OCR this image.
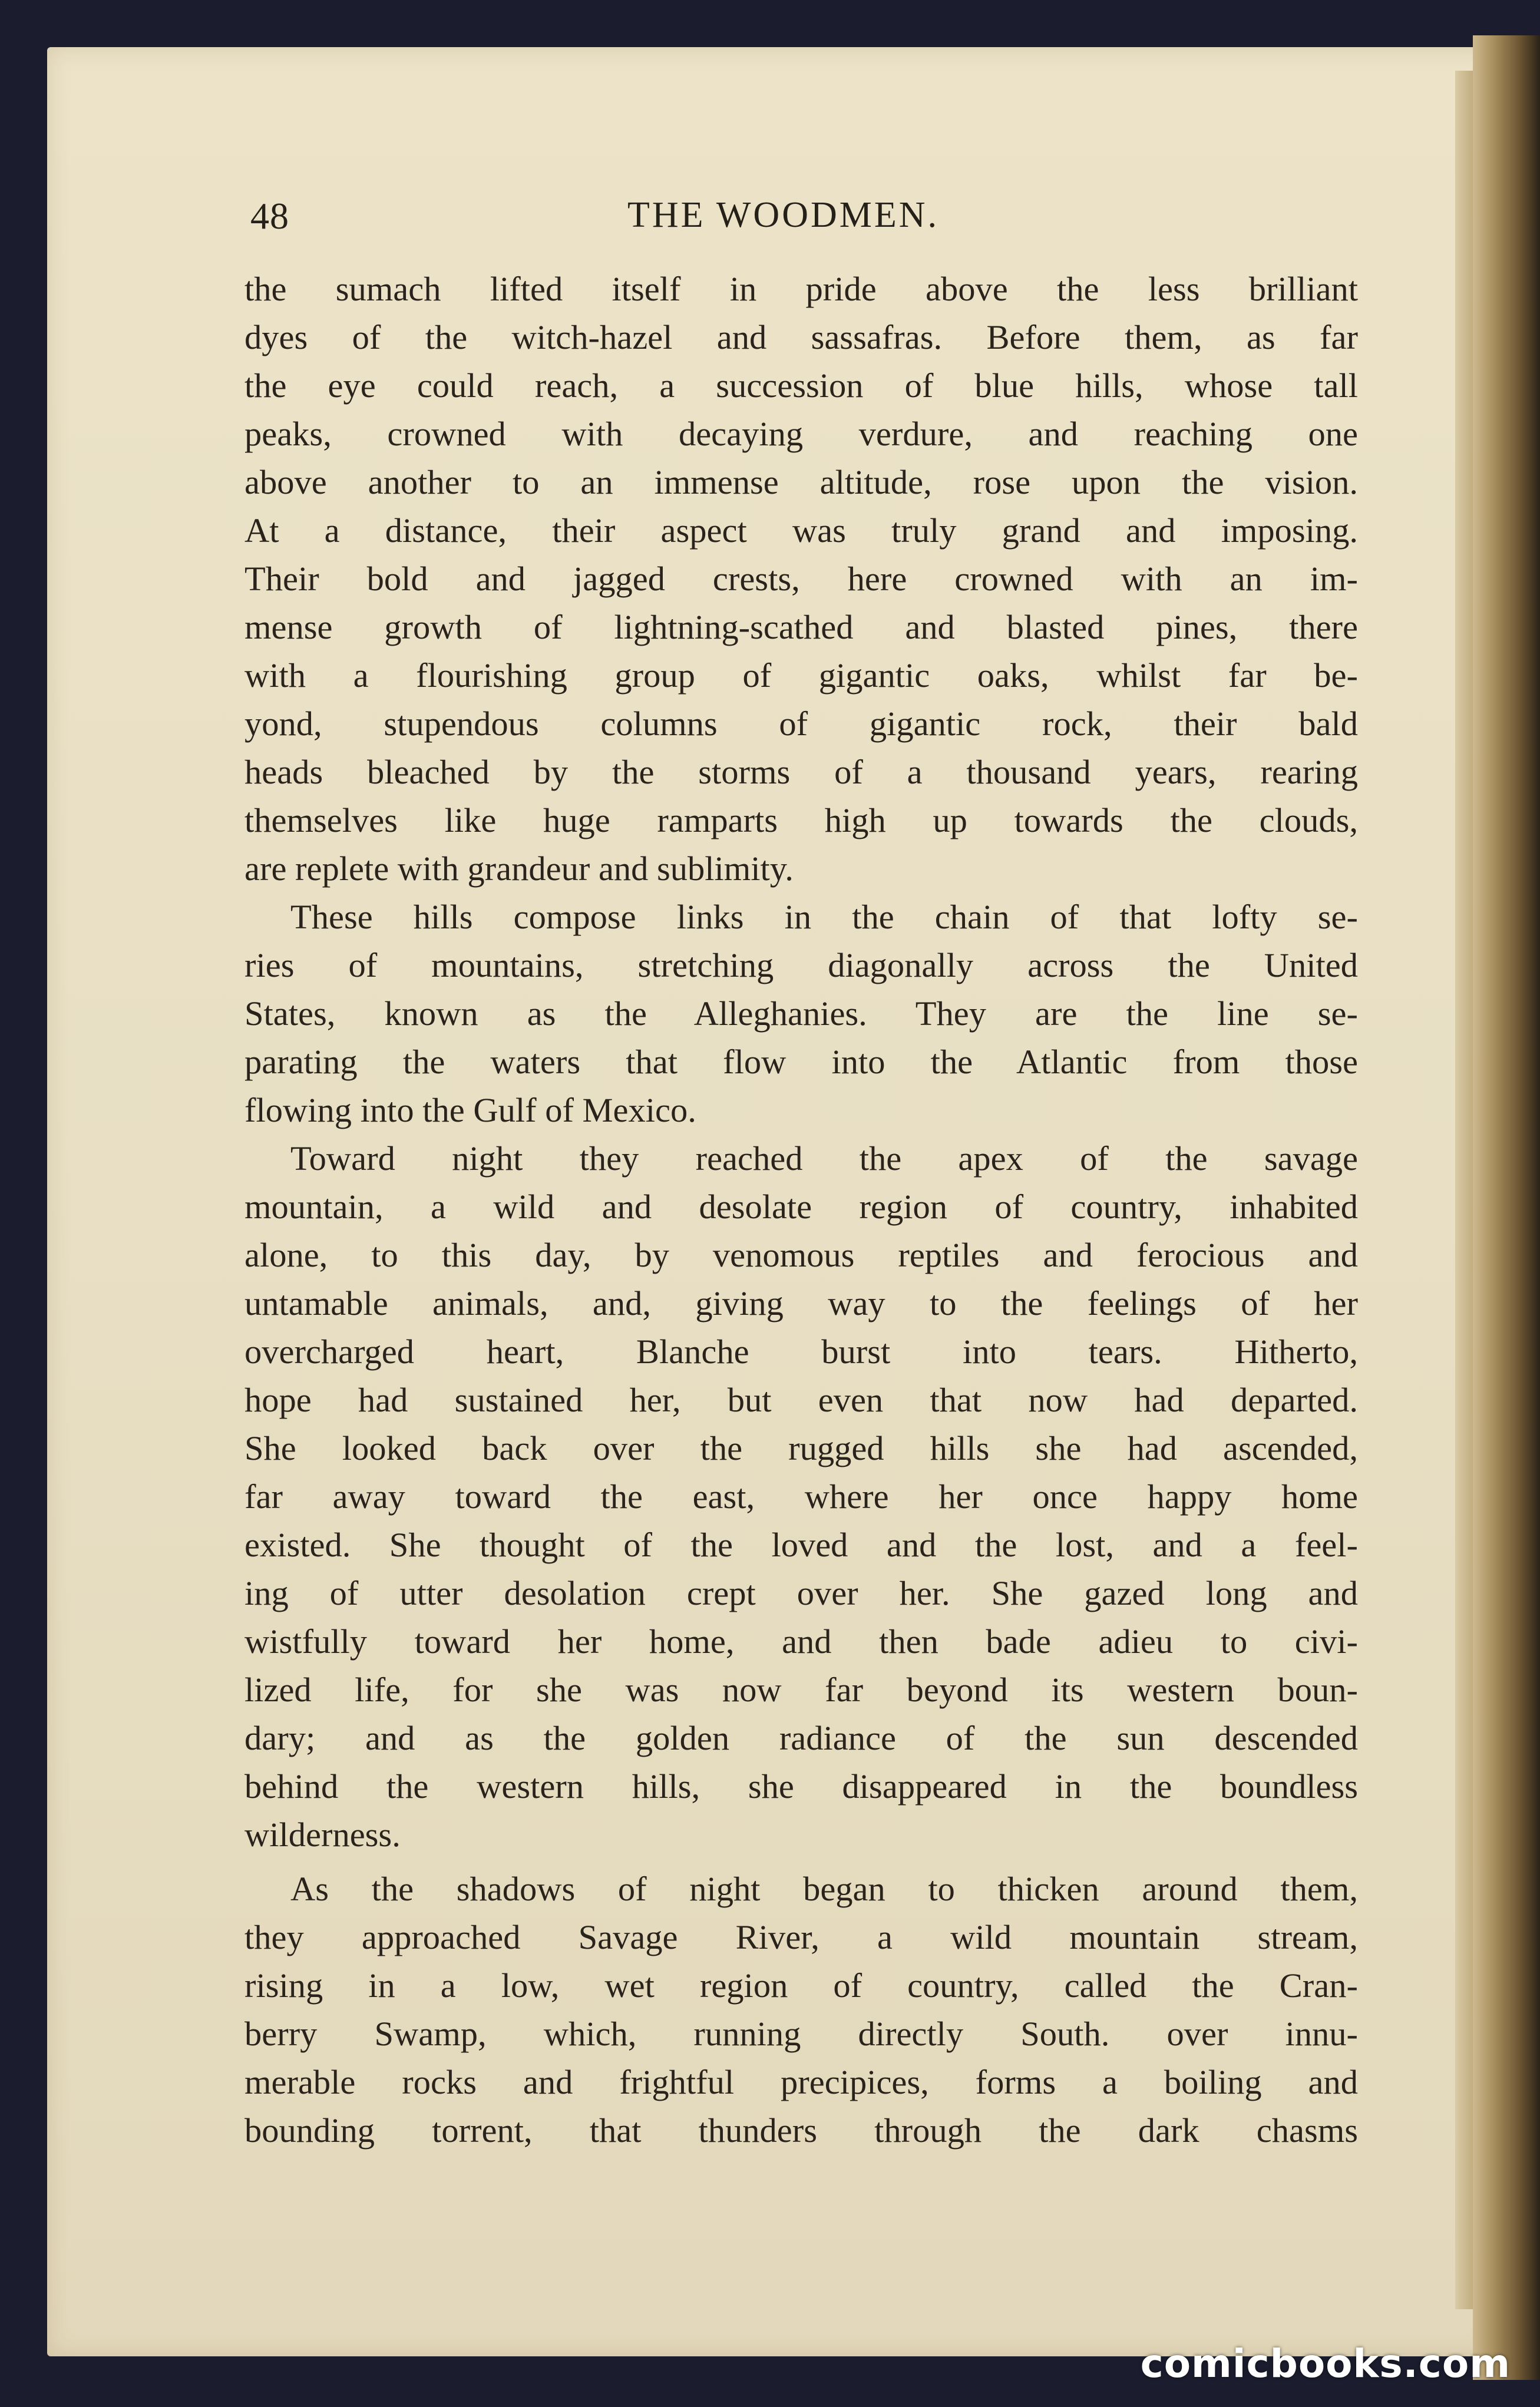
48	THE WOODMEN.
the sumach lifted itself in pride above the less brilliant
dyes of the witch-hazel and sassafras. Before them, as far
the eye could reach, a succession of blue hills, whose tall
peaks, crowned with decaying verdure, and reaching one
above another to an immense altitude, rose upon the vision.
At a distance, their aspect was truly grand and imposing.
Their bold and jagged crests, here crowned with an im-
mense growth of lightning-scathed and blasted pines, there
with a flourishing group of gigantic oaks, whilst far be-
yond, stupendous columns of gigantic rock, their bald
heads bleached by the storms of a thousand years, rearing
themselves like huge ramparts high up towards the clouds,
are replete with grandeur and sublimity.
These hills compose links in the chain of that lofty se-
ries of mountains, stretching diagonally across the United
States, known as the Alleghanies. They are the line se-
parating the waters that flow into the Atlantic from those
flowing into the Gulf of Mexico.
Toward night they reached the apex of the savage
mountain, a wild and desolate region of country, inhabited
alone, to this day, by venomous reptiles and ferocious and
untamable animals, and, giving way to the feelings of her
overcharged heart, Blanche burst into tears. Hitherto,
hope had sustained her, but even that now had departed.
She looked back over the rugged hills she had ascended,
far away toward the east, where her once happy home
existed. She thought of the loved and the lost, and a feel-
ing of utter desolation crept over her. She gazed long and
wistfully toward her home, and then bade adieu to civi-
lized life, for she was now far beyond its western boun-
dary; and as the golden radiance of the sun descended
behind the western hills, she disappeared in the boundless
wilderness.
As the shadows of night began to thicken around them,
they approached Savage River, a wild mountain stream,
rising in a low, wet region of country, called the Cran-
berry Swamp, which, running directly South. over innu-
merable rocks and frightful precipices, forms a boiling and
bounding torrent, that thunders through the dark chasms
comicbooks.com
